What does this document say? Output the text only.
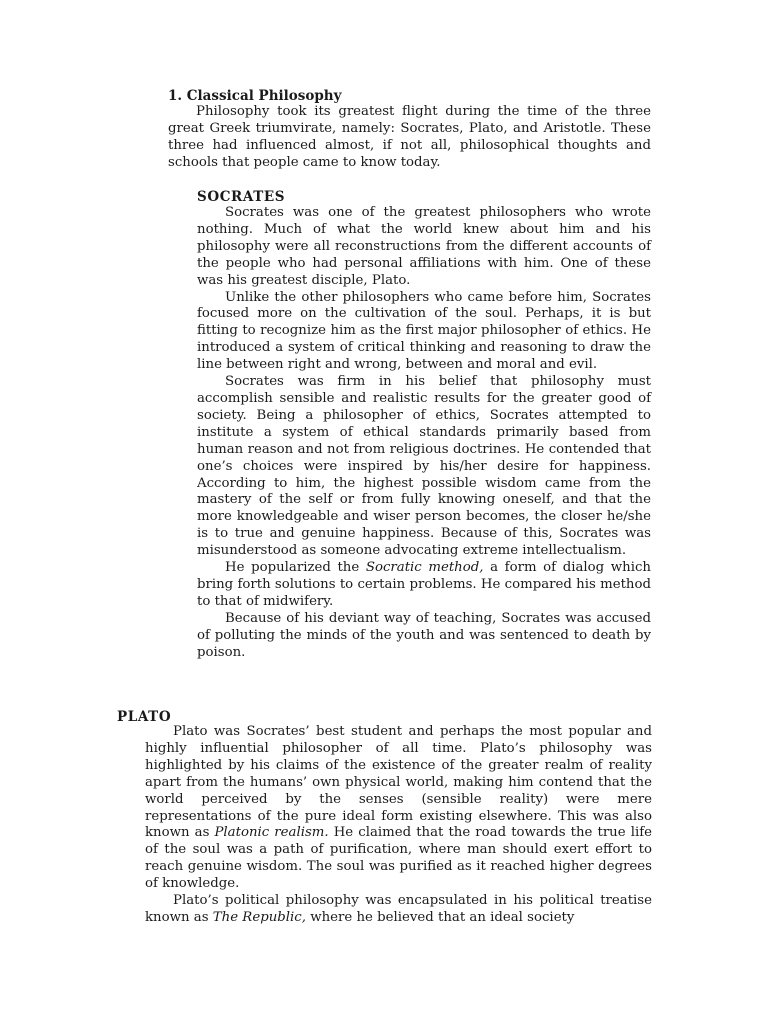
1. Classical Philosophy

Philosophy took its greatest flight during the time of the three great Greek triumvirate, namely: Socrates, Plato, and Aristotle. These three had influenced almost, if not all, philosophical thoughts and schools that people came to know today.

SOCRATES

Socrates was one of the greatest philosophers who wrote nothing. Much of what the world knew about him and his philosophy were all reconstructions from the different accounts of the people who had personal affiliations with him. One of these was his greatest disciple, Plato.

Unlike the other philosophers who came before him, Socrates focused more on the cultivation of the soul. Perhaps, it is but fitting to recognize him as the first major philosopher of ethics. He introduced a system of critical thinking and reasoning to draw the line between right and wrong, between and moral and evil.

Socrates was firm in his belief that philosophy must accomplish sensible and realistic results for the greater good of society. Being a philosopher of ethics, Socrates attempted to institute a system of ethical standards primarily based from human reason and not from religious doctrines. He contended that one’s choices were inspired by his/her desire for happiness. According to him, the highest possible wisdom came from the mastery of the self or from fully knowing oneself, and that the more knowledgeable and wiser person becomes, the closer he/she is to true and genuine happiness. Because of this, Socrates was misunderstood as someone advocating extreme intellectualism.

He popularized the Socratic method, a form of dialog which bring forth solutions to certain problems. He compared his method to that of midwifery.

Because of his deviant way of teaching, Socrates was accused of polluting the minds of the youth and was sentenced to death by poison.

PLATO

Plato was Socrates’ best student and perhaps the most popular and highly influential philosopher of all time. Plato’s philosophy was highlighted by his claims of the existence of the greater realm of reality apart from the humans’ own physical world, making him contend that the world perceived by the senses (sensible reality) were mere representations of the pure ideal form existing elsewhere. This was also known as Platonic realism. He claimed that the road towards the true life of the soul was a path of purification, where man should exert effort to reach genuine wisdom. The soul was purified as it reached higher degrees of knowledge.

Plato’s political philosophy was encapsulated in his political treatise known as The Republic, where he believed that an ideal society
